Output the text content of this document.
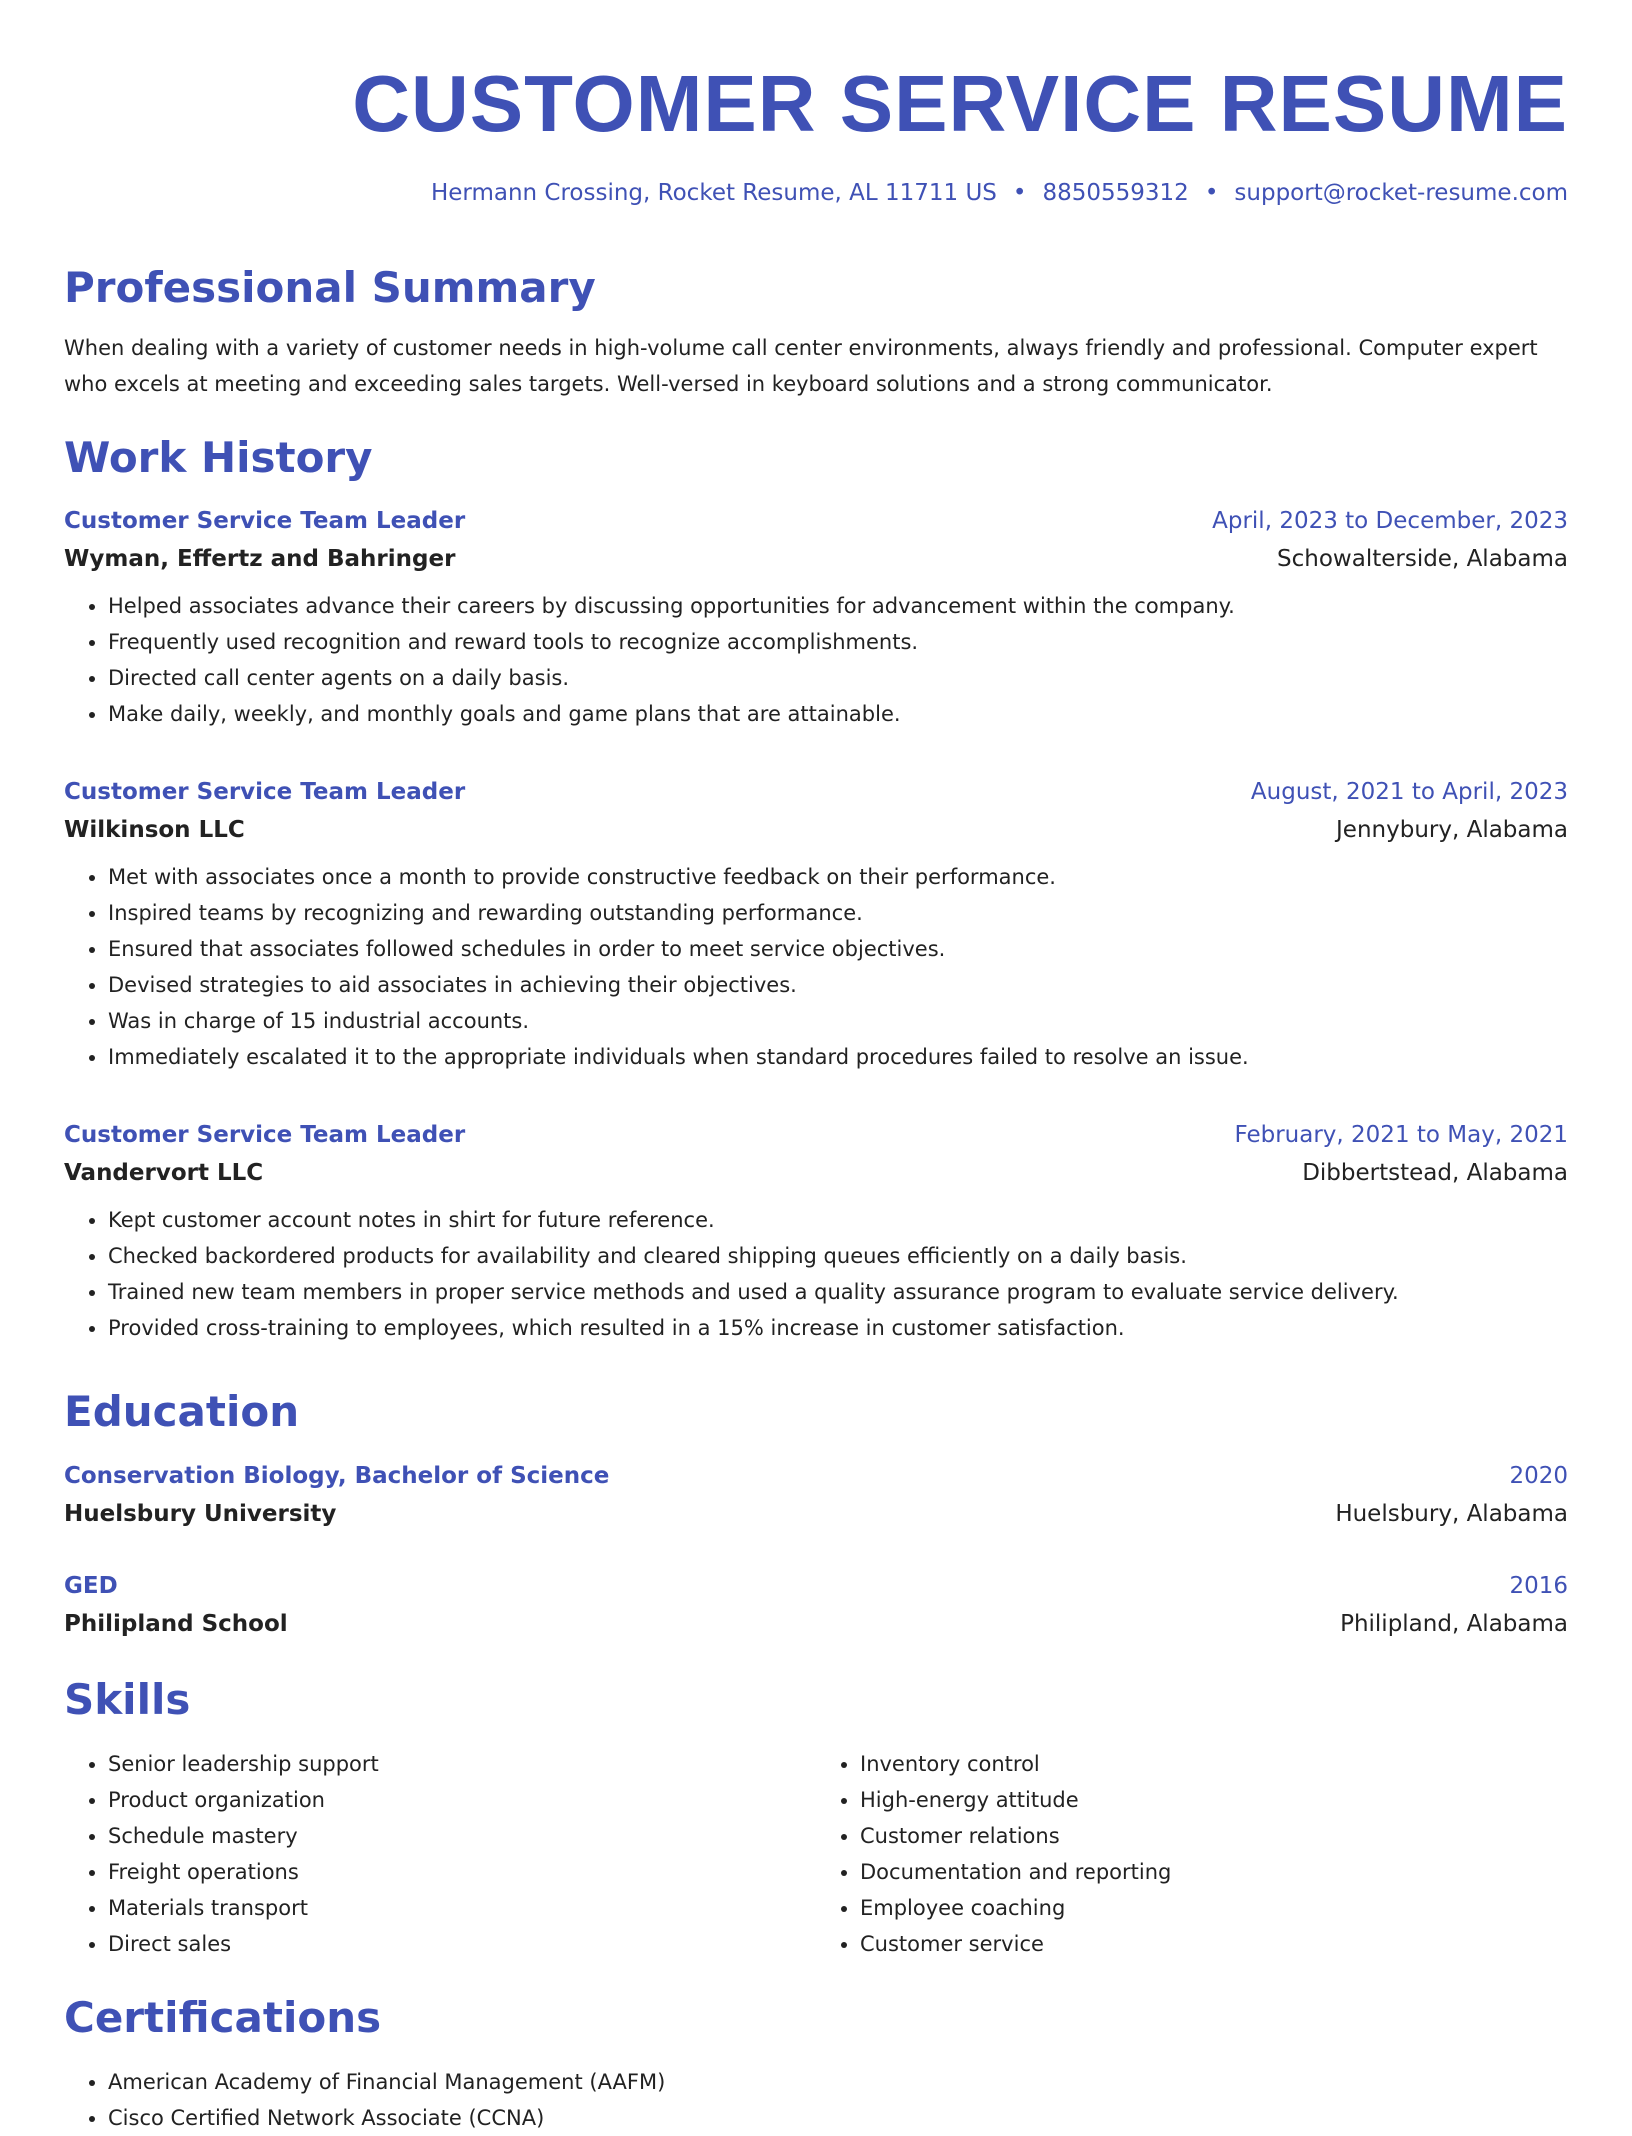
CUSTOMER SERVICE RESUME
Hermann Crossing, Rocket Resume, AL 11711 US • 8850559312 • support@rocket-resume.com
Professional Summary

When dealing with a variety of customer needs in high-volume call center environments, always friendly and professional. Computer expert who excels at meeting and exceeding sales targets. Well-versed in keyboard solutions and a strong communicator.

Work History
Customer Service Team Leader	April, 2023 to December, 2023
Wyman, Effertz and Bahringer	Schowalterside, Alabama
• Helped associates advance their careers by discussing opportunities for advancement within the company.
• Frequently used recognition and reward tools to recognize accomplishments.
• Directed call center agents on a daily basis.
• Make daily, weekly, and monthly goals and game plans that are attainable.
Customer Service Team Leader	August, 2021 to April, 2023
Wilkinson LLC	Jennybury, Alabama
• Met with associates once a month to provide constructive feedback on their performance.
• Inspired teams by recognizing and rewarding outstanding performance.
• Ensured that associates followed schedules in order to meet service objectives.
• Devised strategies to aid associates in achieving their objectives.
• Was in charge of 15 industrial accounts.
• Immediately escalated it to the appropriate individuals when standard procedures failed to resolve an issue.
Customer Service Team Leader	February, 2021 to May, 2021
Vandervort LLC	Dibbertstead, Alabama
• Kept customer account notes in shirt for future reference.
• Checked backordered products for availability and cleared shipping queues efficiently on a daily basis.
• Trained new team members in proper service methods and used a quality assurance program to evaluate service delivery.
• Provided cross-training to employees, which resulted in a 15% increase in customer satisfaction.
Education
Conservation Biology, Bachelor of Science	2020
Huelsbury University	Huelsbury, Alabama
GED	2016
Philipland School	Philipland, Alabama
Skills
• Senior leadership support
• Product organization
• Schedule mastery
• Freight operations
• Materials transport
• Direct sales
• Inventory control
• High-energy attitude
• Customer relations
• Documentation and reporting
• Employee coaching
• Customer service
Certifications
• American Academy of Financial Management (AAFM)
• Cisco Certified Network Associate (CCNA)
